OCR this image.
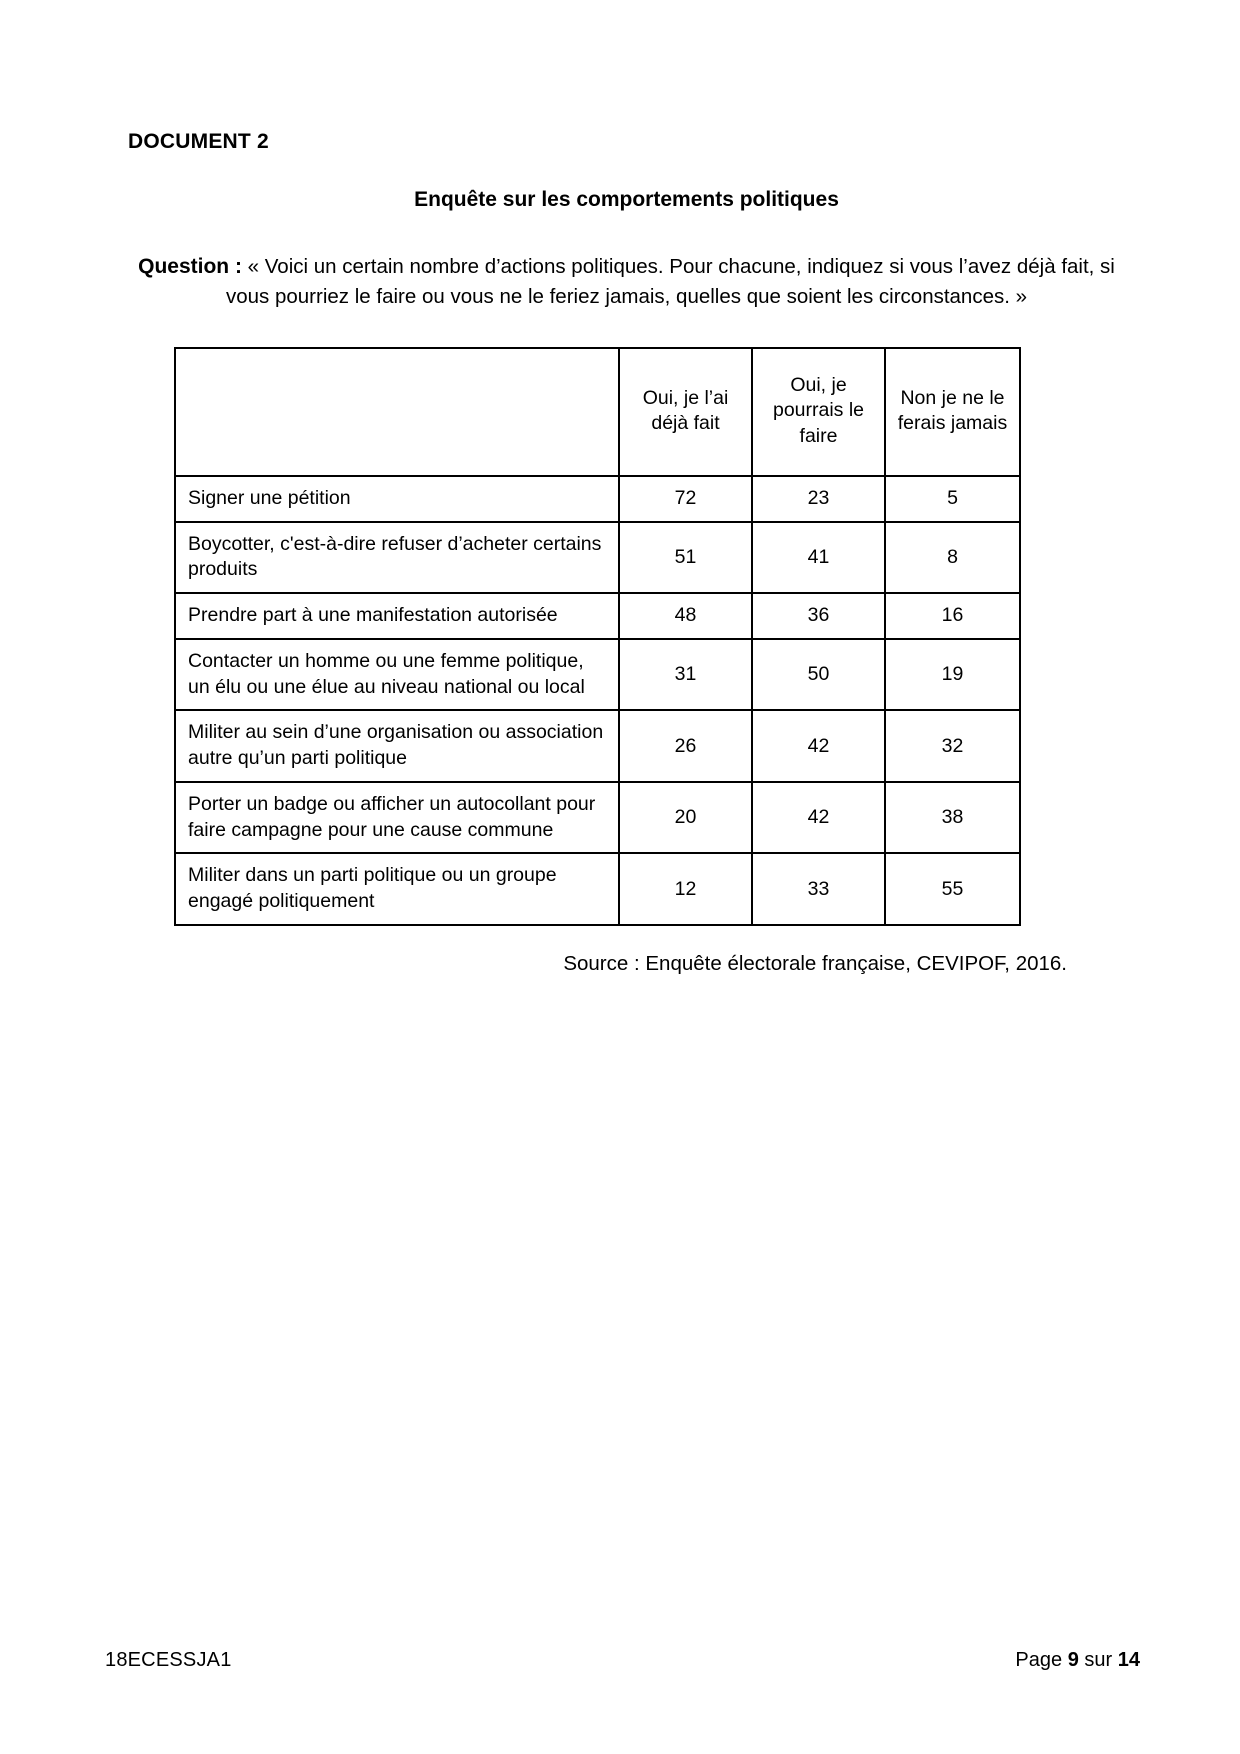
DOCUMENT 2
Enquête sur les comportements politiques

Question : « Voici un certain nombre d’actions politiques. Pour chacune, indiquez si vous l’avez déjà fait, si vous pourriez le faire ou vous ne le feriez jamais, quelles que soient les circonstances. »

	Oui, je l’ai déjà fait	Oui, je pourrais le faire	Non je ne le ferais jamais
Signer une pétition	72	23	5
Boycotter, c'est-à-dire refuser d’acheter certains produits	51	41	8
Prendre part à une manifestation autorisée	48	36	16
Contacter un homme ou une femme politique, un élu ou une élue au niveau national ou local	31	50	19
Militer au sein d’une organisation ou association autre qu’un parti politique	26	42	32
Porter un badge ou afficher un autocollant pour faire campagne pour une cause commune	20	42	38
Militer dans un parti politique ou un groupe engagé politiquement	12	33	55
Source : Enquête électorale française, CEVIPOF, 2016.
18ECESSJA1	Page 9 sur 14
